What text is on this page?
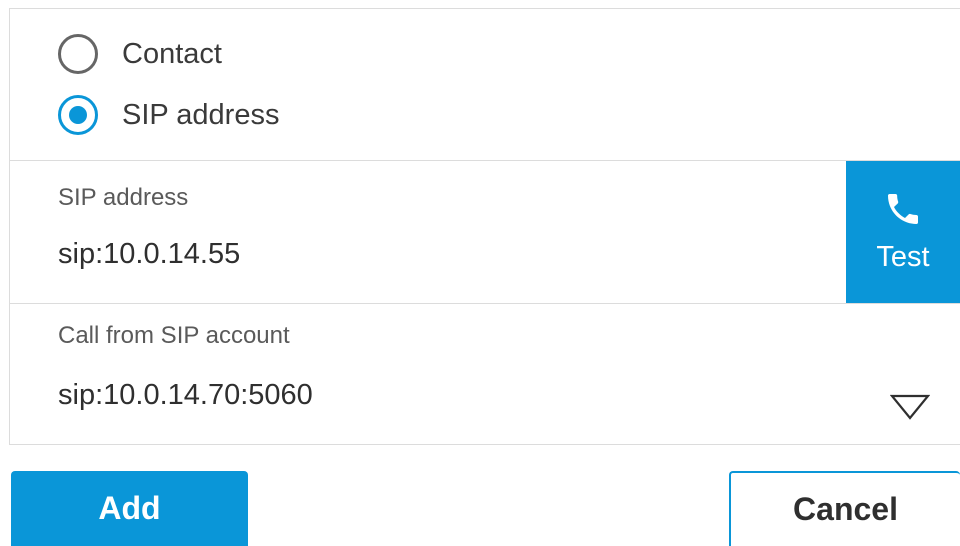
Contact
SIP address
SIP address
sip:10.0.14.55	Test
Call from SIP account
sip:10.0.14.70:5060
Add	Cancel
